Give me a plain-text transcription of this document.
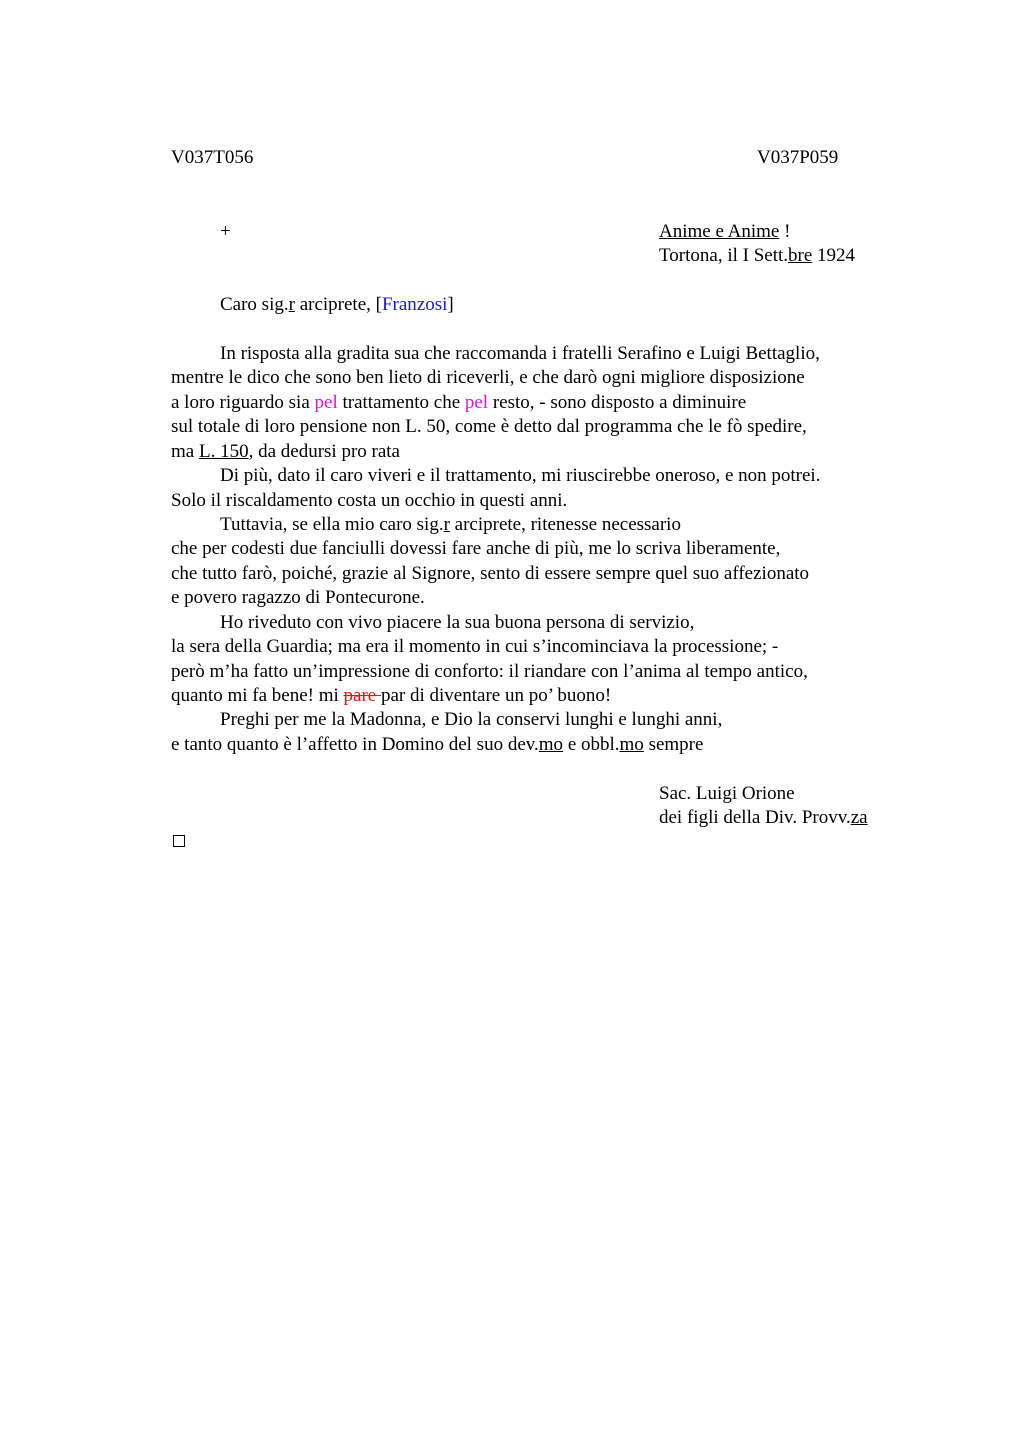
V037T056	V037P059
+	Anime e Anime !
Tortona, il I Sett.bre 1924
Caro sig.r arciprete, [Franzosi]
In risposta alla gradita sua che raccomanda i fratelli Serafino e Luigi Bettaglio,
mentre le dico che sono ben lieto di riceverli, e che darò ogni migliore disposizione
a loro riguardo sia pel trattamento che pel resto, - sono disposto a diminuire
sul totale di loro pensione non L. 50, come è detto dal programma che le fò spedire,
ma L. 150, da dedursi pro rata
Di più, dato il caro viveri e il trattamento, mi riuscirebbe oneroso, e non potrei.
Solo il riscaldamento costa un occhio in questi anni.
Tuttavia, se ella mio caro sig.r arciprete, ritenesse necessario
che per codesti due fanciulli dovessi fare anche di più, me lo scriva liberamente,
che tutto farò, poiché, grazie al Signore, sento di essere sempre quel suo affezionato
e povero ragazzo di Pontecurone.
Ho riveduto con vivo piacere la sua buona persona di servizio,
la sera della Guardia; ma era il momento in cui s’incominciava la processione; -
però m’ha fatto un’impressione di conforto: il riandare con l’anima al tempo antico,
quanto mi fa bene! mi pare par di diventare un po’ buono!
Preghi per me la Madonna, e Dio la conservi lunghi e lunghi anni,
e tanto quanto è l’affetto in Domino del suo dev.mo e obbl.mo sempre
Sac. Luigi Orione
dei figli della Div. Provv.za
